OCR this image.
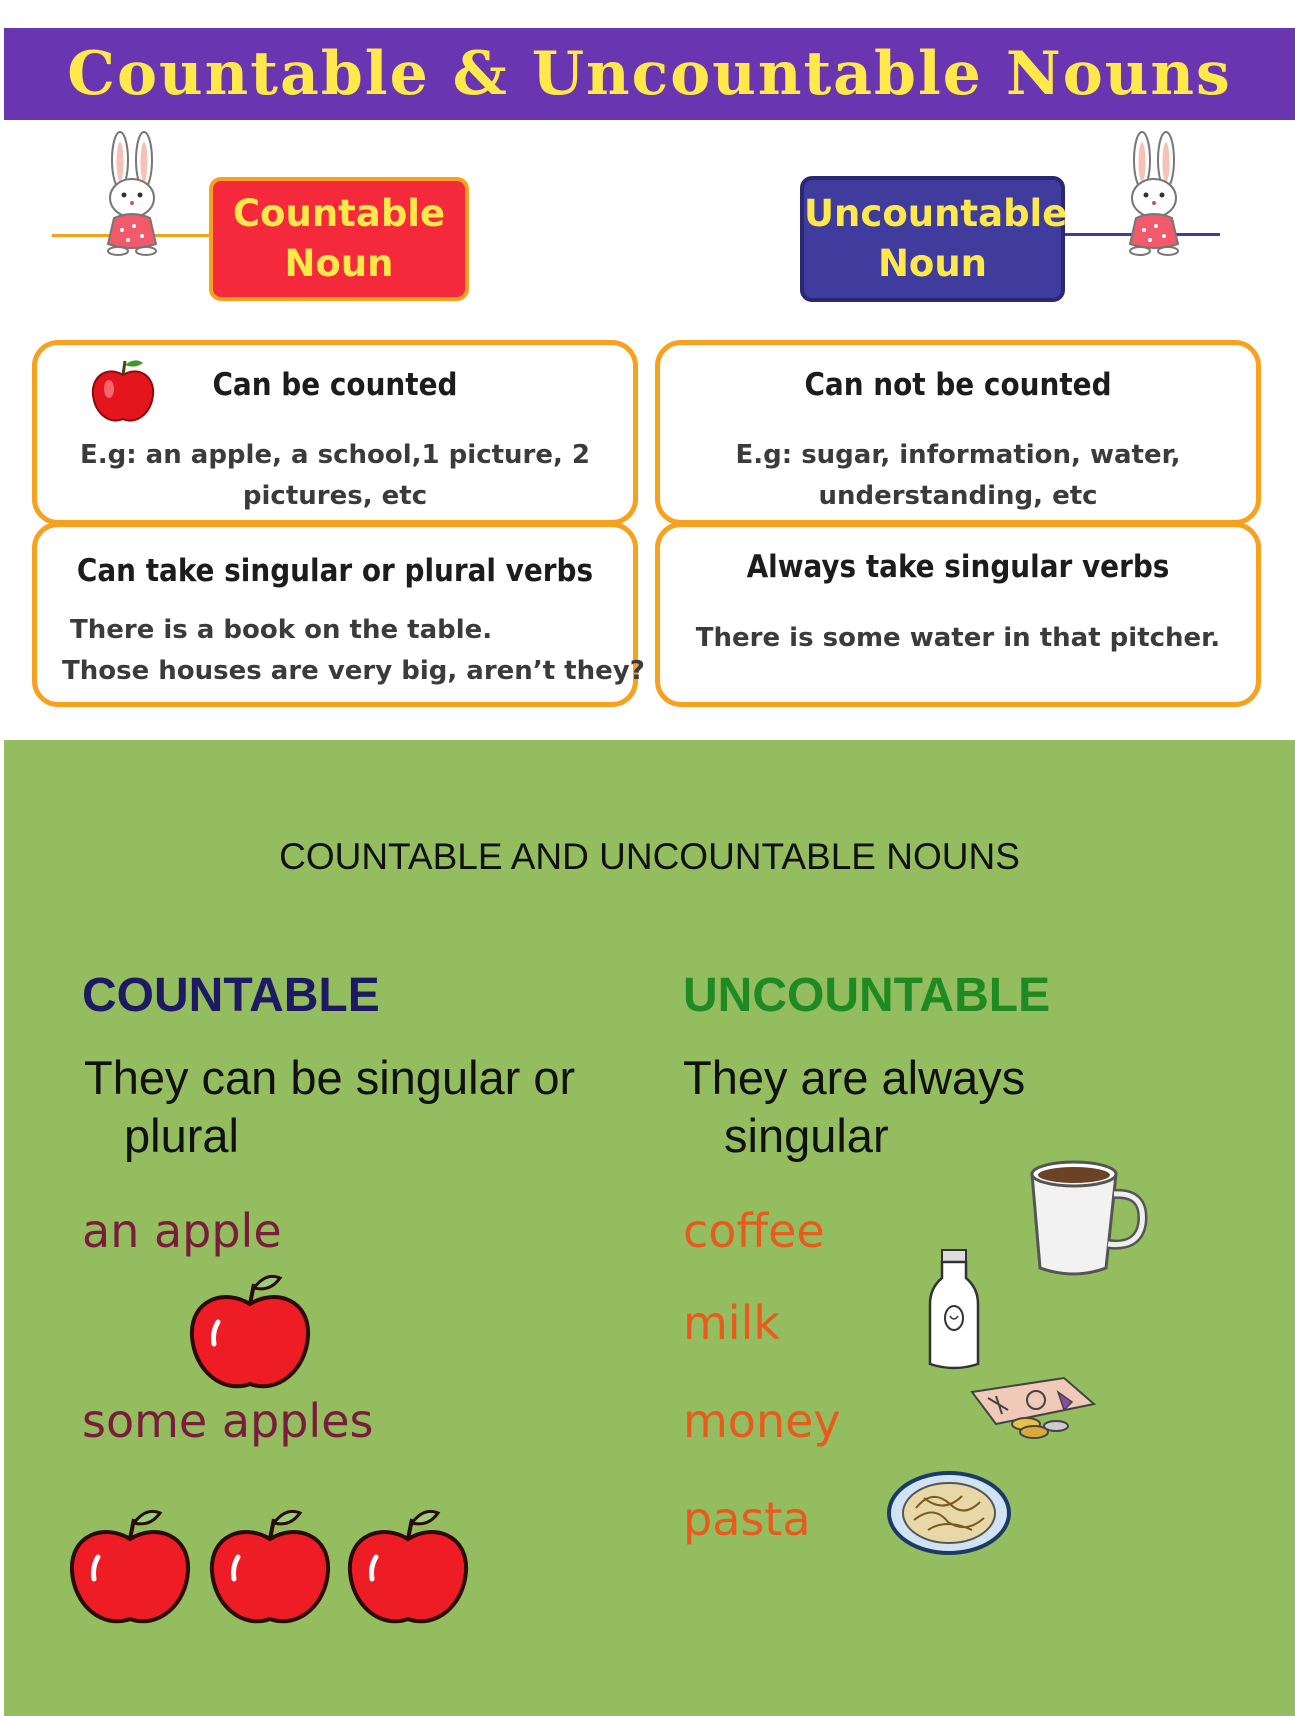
Countable & Uncountable Nouns
Countable
Noun
Uncountable
Noun
Can be counted
E.g: an apple, a school,1 picture, 2
pictures, etc
Can not be counted
E.g: sugar, information, water,
understanding, etc
Can take singular or plural verbs
There is a book on the table.
Those houses are very big, aren’t they?
Always take singular verbs
There is some water in that pitcher.
COUNTABLE AND UNCOUNTABLE NOUNS
COUNTABLE	UNCOUNTABLE
They can be singular or
plural
They are always
singular
an apple
some apples
coffee
milk
money
pasta
